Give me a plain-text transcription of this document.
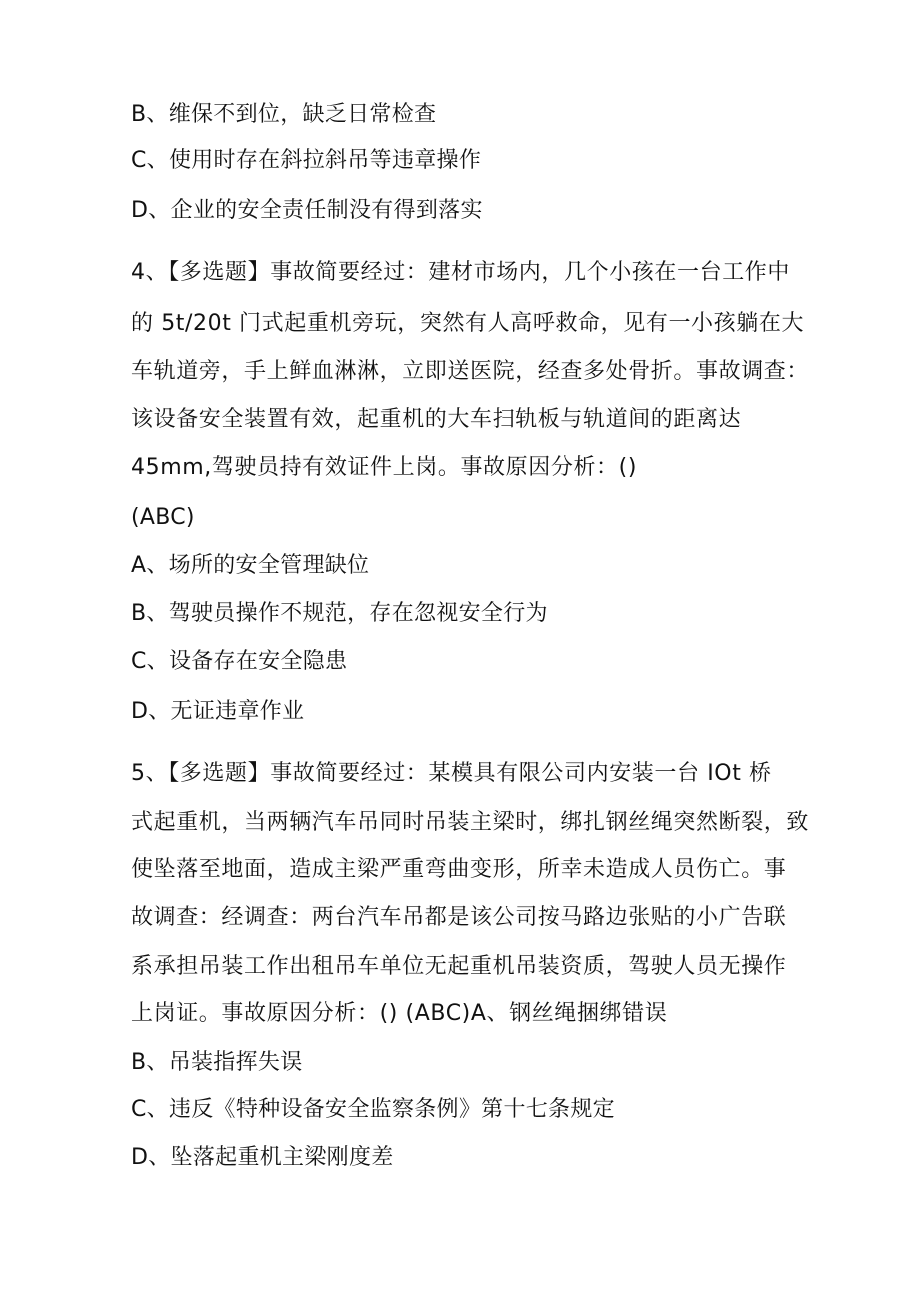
B、维保不到位，缺乏日常检查
C、使用时存在斜拉斜吊等违章操作
D、企业的安全责任制没有得到落实
4、【多选题】事故简要经过：建材市场内，几个小孩在一台工作中
的 5t/20t 门式起重机旁玩，突然有人高呼救命，见有一小孩躺在大
车轨道旁，手上鲜血淋淋，立即送医院，经查多处骨折。事故调查：
该设备安全装置有效，起重机的大车扫轨板与轨道间的距离达
45mm,驾驶员持有效证件上岗。事故原因分析：()
(ABC)
A、场所的安全管理缺位
B、驾驶员操作不规范，存在忽视安全行为
C、设备存在安全隐患
D、无证违章作业
5、【多选题】事故简要经过：某模具有限公司内安装一台 IOt 桥
式起重机，当两辆汽车吊同时吊装主梁时，绑扎钢丝绳突然断裂，致
使坠落至地面，造成主梁严重弯曲变形，所幸未造成人员伤亡。事
故调查：经调查：两台汽车吊都是该公司按马路边张贴的小广告联
系承担吊装工作出租吊车单位无起重机吊装资质，驾驶人员无操作
上岗证。事故原因分析：() (ABC)A、钢丝绳捆绑错误
B、吊装指挥失误
C、违反《特种设备安全监察条例》第十七条规定
D、坠落起重机主梁刚度差
